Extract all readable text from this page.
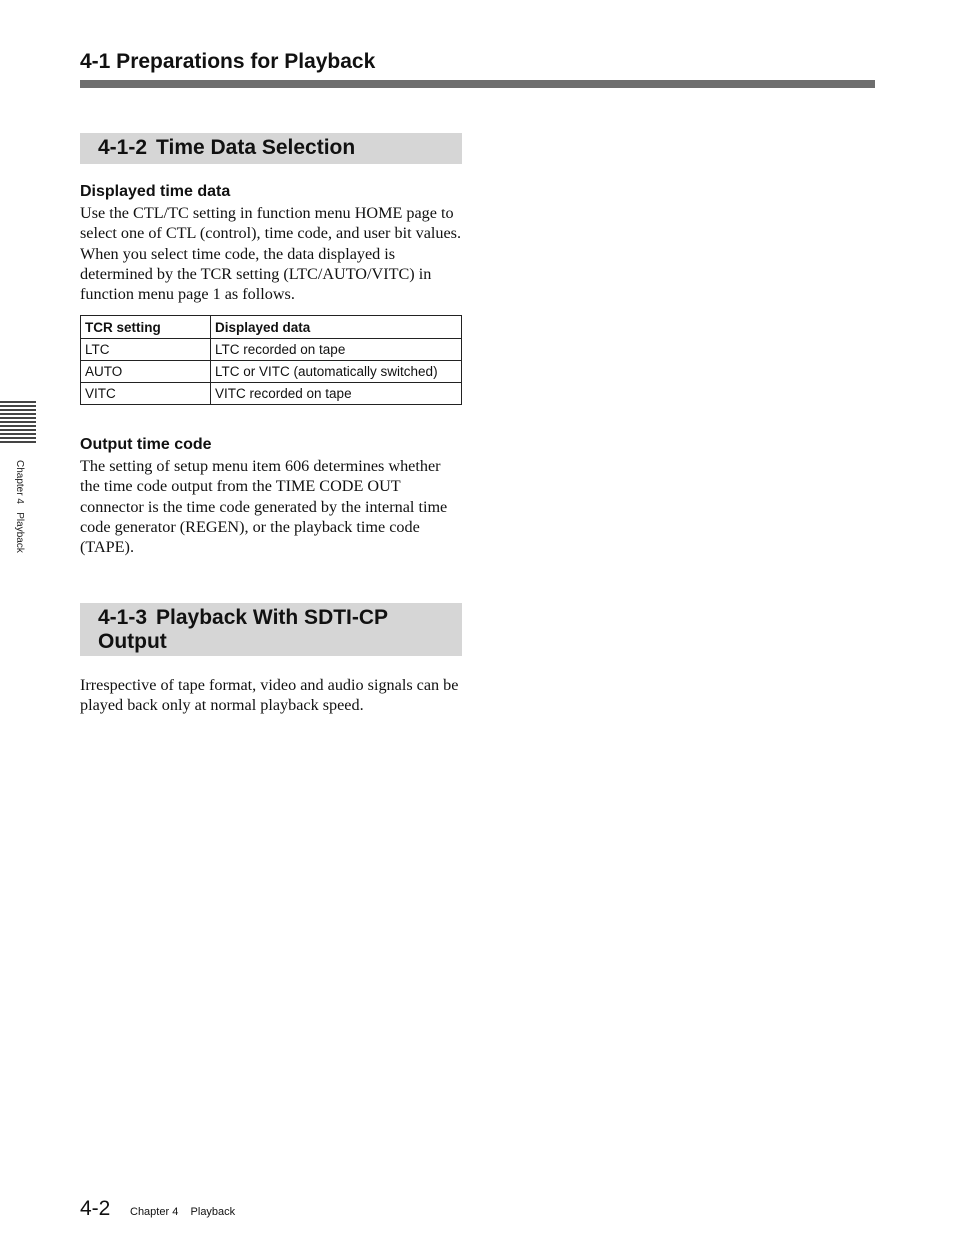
4-1 Preparations for Playback
4-1-2 Time Data Selection
Displayed time data

Use the CTL/TC setting in function menu HOME page to select one of CTL (control), time code, and user bit values. When you select time code, the data displayed is determined by the TCR setting (LTC/AUTO/VITC) in function menu page 1 as follows.

TCR setting	Displayed data
LTC	LTC recorded on tape
AUTO	LTC or VITC (automatically switched)
VITC	VITC recorded on tape
Output time code

The setting of setup menu item 606 determines whether the time code output from the TIME CODE OUT connector is the time code generated by the internal time code generator (REGEN), or the playback time code (TAPE).

4-1-3 Playback With SDTI-CP
Output

Irrespective of tape format, video and audio signals can be played back only at normal playback speed.

Chapter 4   Playback
4-2 Chapter 4    Playback
